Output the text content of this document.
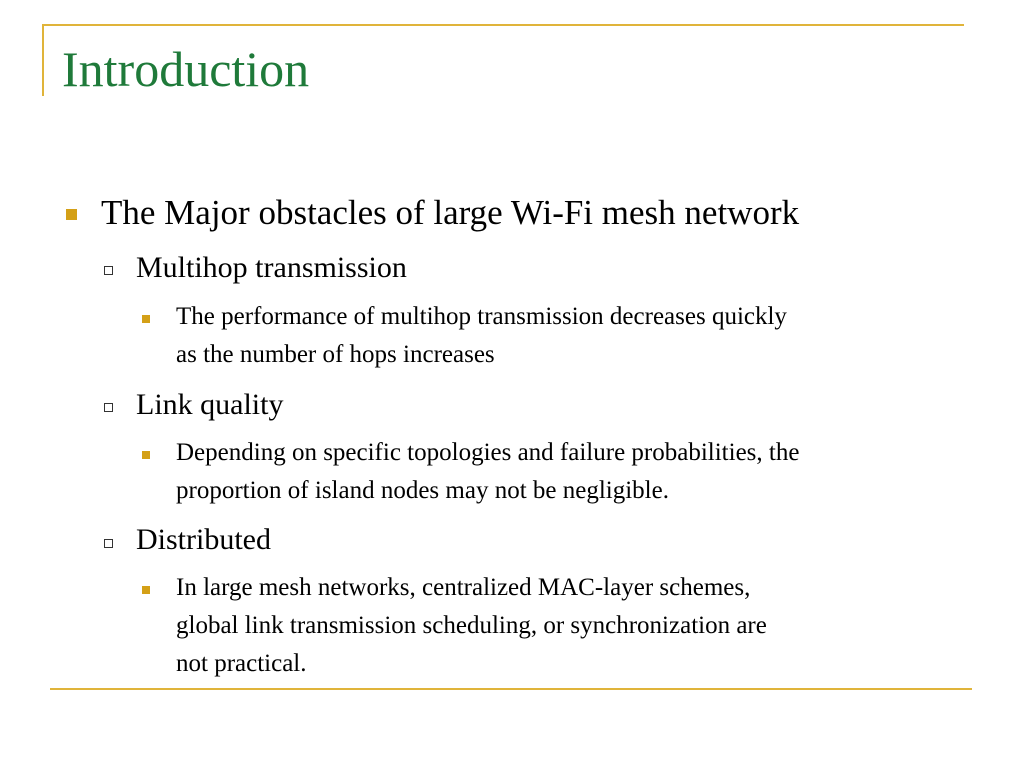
Introduction
The Major obstacles of large Wi-Fi mesh network
Multihop transmission
The performance of multihop transmission decreases quickly
as the number of hops increases
Link quality
Depending on specific topologies and failure probabilities, the
proportion of island nodes may not be negligible.
Distributed
In large mesh networks, centralized MAC-layer schemes,
global link transmission scheduling, or synchronization are
not practical.
